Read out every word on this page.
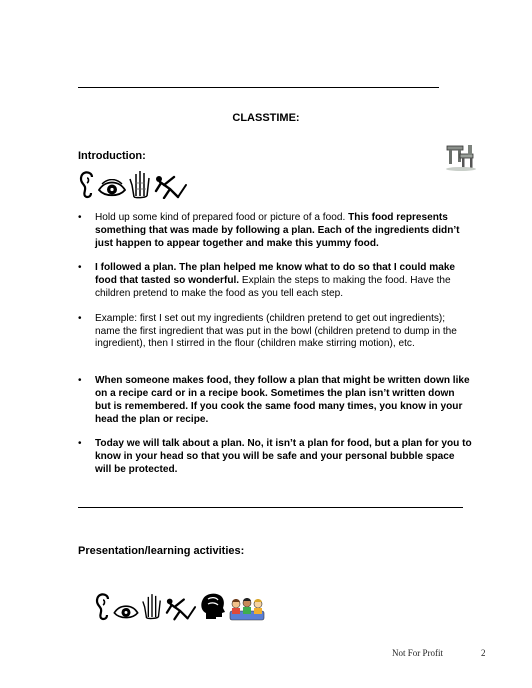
CLASSTIME:
Introduction:
• Hold up some kind of prepared food or picture of a food. This food represents something that was made by following a plan. Each of the ingredients didn’t just happen to appear together and make this yummy food.
• I followed a plan. The plan helped me know what to do so that I could make food that tasted so wonderful. Explain the steps to making the food. Have the children pretend to make the food as you tell each step.
• Example: first I set out my ingredients (children pretend to get out ingredients); name the first ingredient that was put in the bowl (children pretend to dump in the ingredient), then I stirred in the flour (children make stirring motion), etc.
• When someone makes food, they follow a plan that might be written down like on a recipe card or in a recipe book. Sometimes the plan isn’t written down but is remembered. If you cook the same food many times, you know in your head the plan or recipe.
• Today we will talk about a plan. No, it isn’t a plan for food, but a plan for you to know in your head so that you will be safe and your personal bubble space will be protected.
Presentation/learning activities:
Not For Profit	2
